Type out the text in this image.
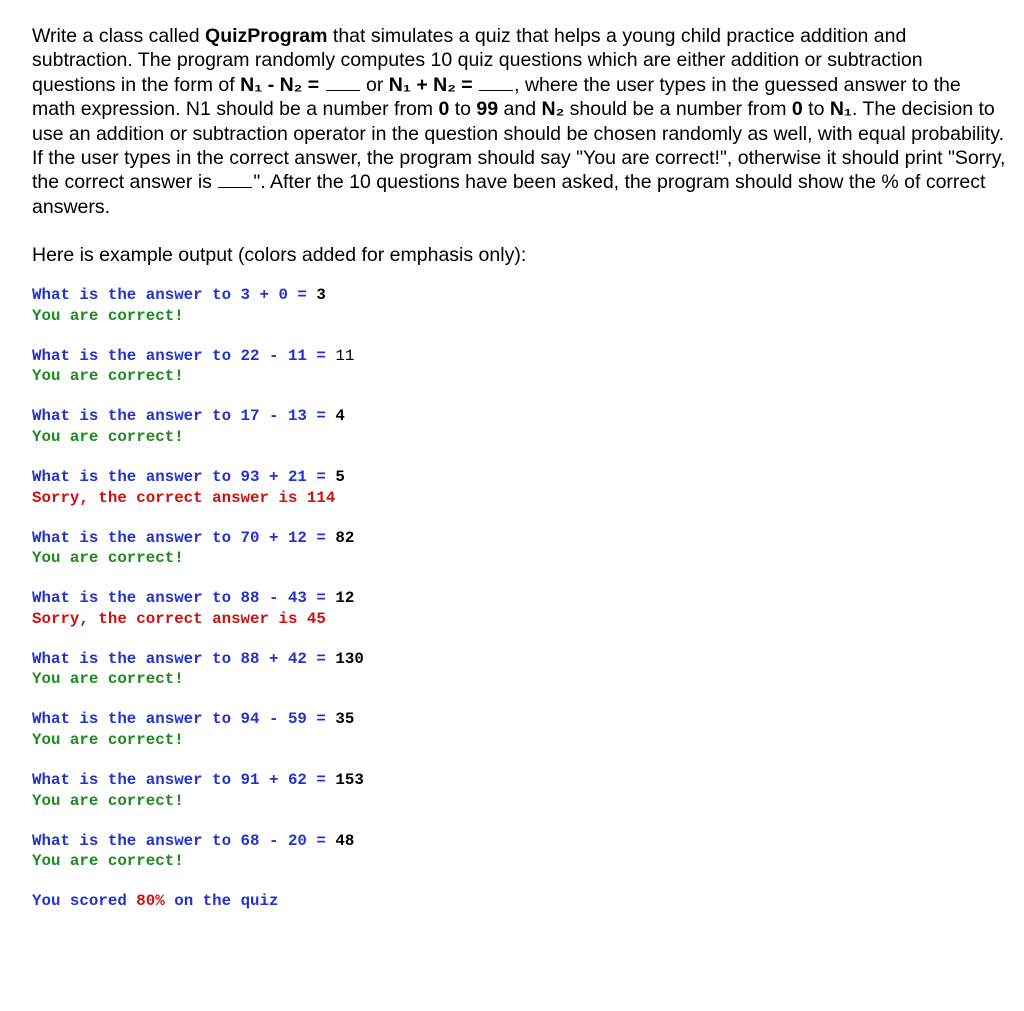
Write a class called QuizProgram that simulates a quiz that helps a young child practice addition and subtraction. The program randomly computes 10 quiz questions which are either addition or subtraction questions in the form of N₁ - N₂ =  or N₁ + N₂ = , where the user types in the guessed answer to the math expression. N1 should be a number from 0 to 99 and N₂ should be a number from 0 to N₁. The decision to use an addition or subtraction operator in the question should be chosen randomly as well, with equal probability. If the user types in the correct answer, the program should say "You are correct!", otherwise it should print "Sorry, the correct answer is ". After the 10 questions have been asked, the program should show the % of correct answers.

Here is example output (colors added for emphasis only):

What is the answer to 3 + 0 = 3
You are correct!
What is the answer to 22 - 11 = 11
You are correct!
What is the answer to 17 - 13 = 4
You are correct!
What is the answer to 93 + 21 = 5
Sorry, the correct answer is 114
What is the answer to 70 + 12 = 82
You are correct!
What is the answer to 88 - 43 = 12
Sorry, the correct answer is 45
What is the answer to 88 + 42 = 130
You are correct!
What is the answer to 94 - 59 = 35
You are correct!
What is the answer to 91 + 62 = 153
You are correct!
What is the answer to 68 - 20 = 48
You are correct!
You scored 80% on the quiz
